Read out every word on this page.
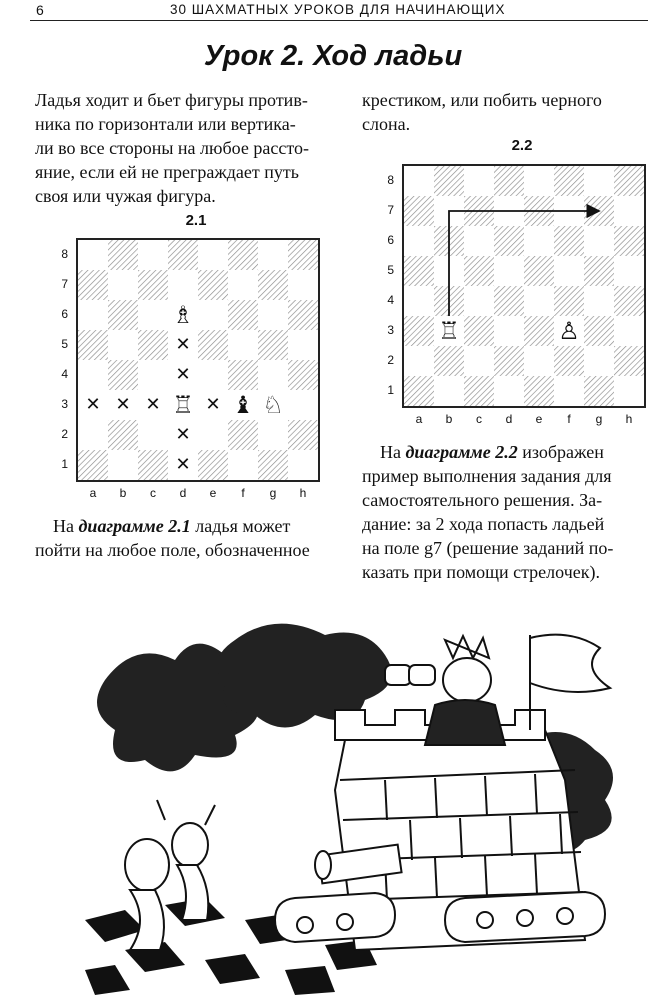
6	30 ШАХМАТНЫХ УРОКОВ ДЛЯ НАЧИНАЮЩИХ
Урок 2. Ход ладьи
Ладья ходит и бьет фигуры против-
ника по горизонтали или вертика-
ли во все стороны на любое рассто-
яние, если ей не преграждает путь
своя или чужая фигура.
крестиком, или побить черного
слона.
2.1
♗
♖ ♝ ♘
✕
✕
✕ ✕ ✕	✕
✕
✕
2.2
♖	♙
На диаграмме 2.1 ладья может
пойти на любое поле, обозначенное
На диаграмме 2.2 изображен
пример выполнения задания для
самостоятельного решения. За-
дание: за 2 хода попасть ладьей
на поле g7 (решение заданий по-
казать при помощи стрелочек).
8
7
6
5
4
3
2
1
a	b	c	d	e	f	g	h
8
7
6
5
4
3
2
1
a	b	c	d	e	f	g	h
